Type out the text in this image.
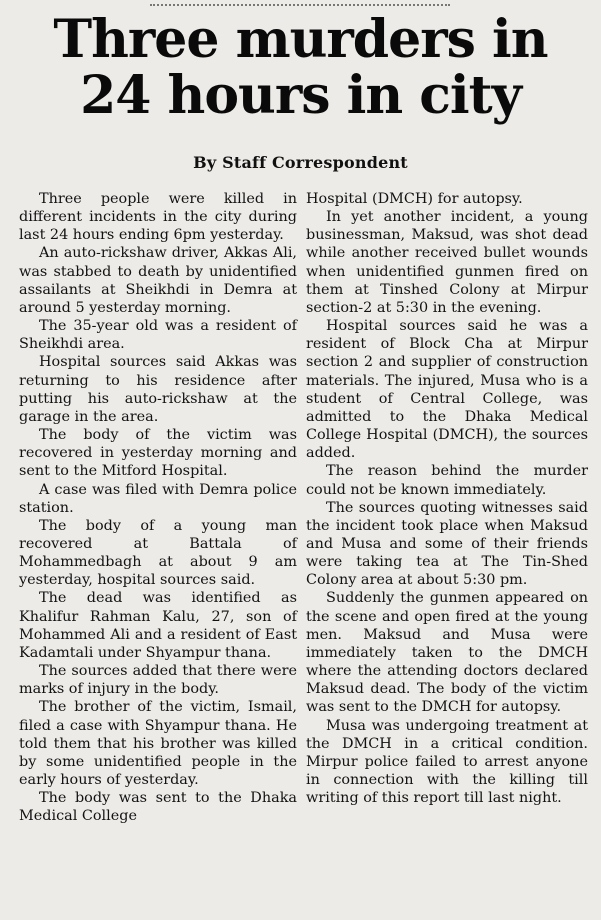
Three murders in
24 hours in city
By Staff Correspondent

Three people were killed in different incidents in the city during last 24 hours ending 6pm yesterday.

An auto-rickshaw driver, Akkas Ali, was stabbed to death by unidentified assailants at Sheikhdi in Demra at around 5 yesterday morning.

The 35-year old was a resident of Sheikhdi area.

Hospital sources said Akkas was returning to his residence after putting his auto-rickshaw at the garage in the area.

The body of the victim was recovered in yesterday morning and sent to the Mitford Hospital.

A case was filed with Demra police station.

The body of a young man recovered at Battala of Mohammedbagh at about 9 am yesterday, hospital sources said.

The dead was identified as Khalifur Rahman Kalu, 27, son of Mohammed Ali and a resident of East Kadamtali under Shyampur thana.

The sources added that there were marks of injury in the body.

The brother of the victim, Ismail, filed a case with Shyampur thana. He told them that his brother was killed by some unidentified people in the early hours of yesterday.

The body was sent to the Dhaka Medical College

Hospital (DMCH) for autopsy.

In yet another incident, a young businessman, Maksud, was shot dead while another received bullet wounds when unidentified gunmen fired on them at Tinshed Colony at Mirpur section-2 at 5:30 in the evening.

Hospital sources said he was a resident of Block Cha at Mirpur section 2 and supplier of construction materials. The injured, Musa who is a student of Central College, was admitted to the Dhaka Medical College Hospital (DMCH), the sources added.

The reason behind the murder could not be known immediately.

The sources quoting witnesses said the incident took place when Maksud and Musa and some of their friends were taking tea at The Tin-Shed Colony area at about 5:30 pm.

Suddenly the gunmen appeared on the scene and open fired at the young men. Maksud and Musa were immediately taken to the DMCH where the attending doctors declared Maksud dead. The body of the victim was sent to the DMCH for autopsy.

Musa was undergoing treatment at the DMCH in a critical condition. Mirpur police failed to arrest anyone in connection with the killing till writing of this report till last night.
